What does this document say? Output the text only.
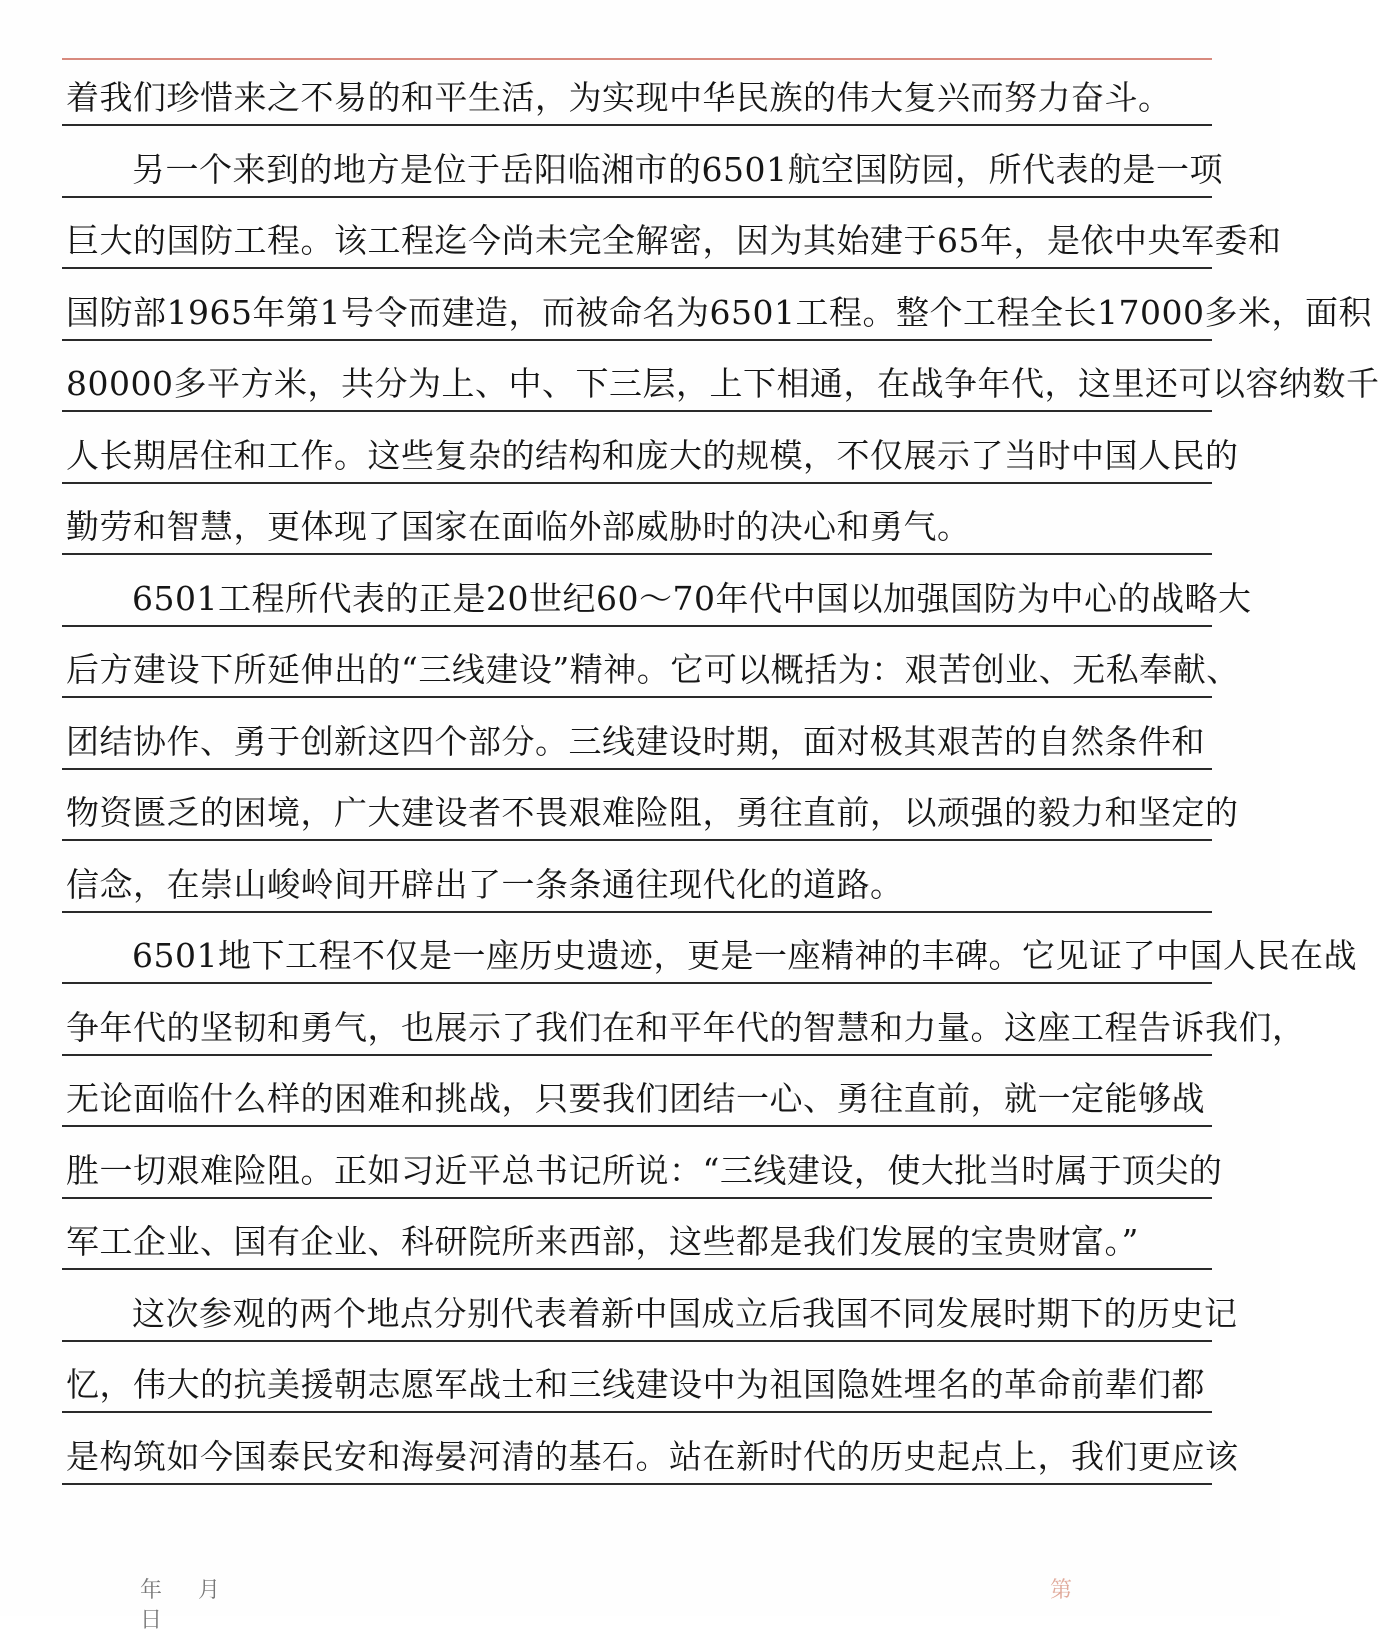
着我们珍惜来之不易的和平生活，为实现中华民族的伟大复兴而努力奋斗。
另一个来到的地方是位于岳阳临湘市的6501航空国防园，所代表的是一项
巨大的国防工程。该工程迄今尚未完全解密，因为其始建于65年，是依中央军委和
国防部1965年第1号令而建造，而被命名为6501工程。整个工程全长17000多米，面积
80000多平方米，共分为上、中、下三层，上下相通，在战争年代，这里还可以容纳数千
人长期居住和工作。这些复杂的结构和庞大的规模，不仅展示了当时中国人民的
勤劳和智慧，更体现了国家在面临外部威胁时的决心和勇气。
6501工程所代表的正是20世纪60～70年代中国以加强国防为中心的战略大
后方建设下所延伸出的“三线建设”精神。它可以概括为：艰苦创业、无私奉献、
团结协作、勇于创新这四个部分。三线建设时期，面对极其艰苦的自然条件和
物资匮乏的困境，广大建设者不畏艰难险阻，勇往直前，以顽强的毅力和坚定的
信念，在崇山峻岭间开辟出了一条条通往现代化的道路。
6501地下工程不仅是一座历史遗迹，更是一座精神的丰碑。它见证了中国人民在战
争年代的坚韧和勇气，也展示了我们在和平年代的智慧和力量。这座工程告诉我们，
无论面临什么样的困难和挑战，只要我们团结一心、勇往直前，就一定能够战
胜一切艰难险阻。正如习近平总书记所说：“三线建设，使大批当时属于顶尖的
军工企业、国有企业、科研院所来西部，这些都是我们发展的宝贵财富。”
这次参观的两个地点分别代表着新中国成立后我国不同发展时期下的历史记
忆，伟大的抗美援朝志愿军战士和三线建设中为祖国隐姓埋名的革命前辈们都
是构筑如今国泰民安和海晏河清的基石。站在新时代的历史起点上，我们更应该
年 月日
第
